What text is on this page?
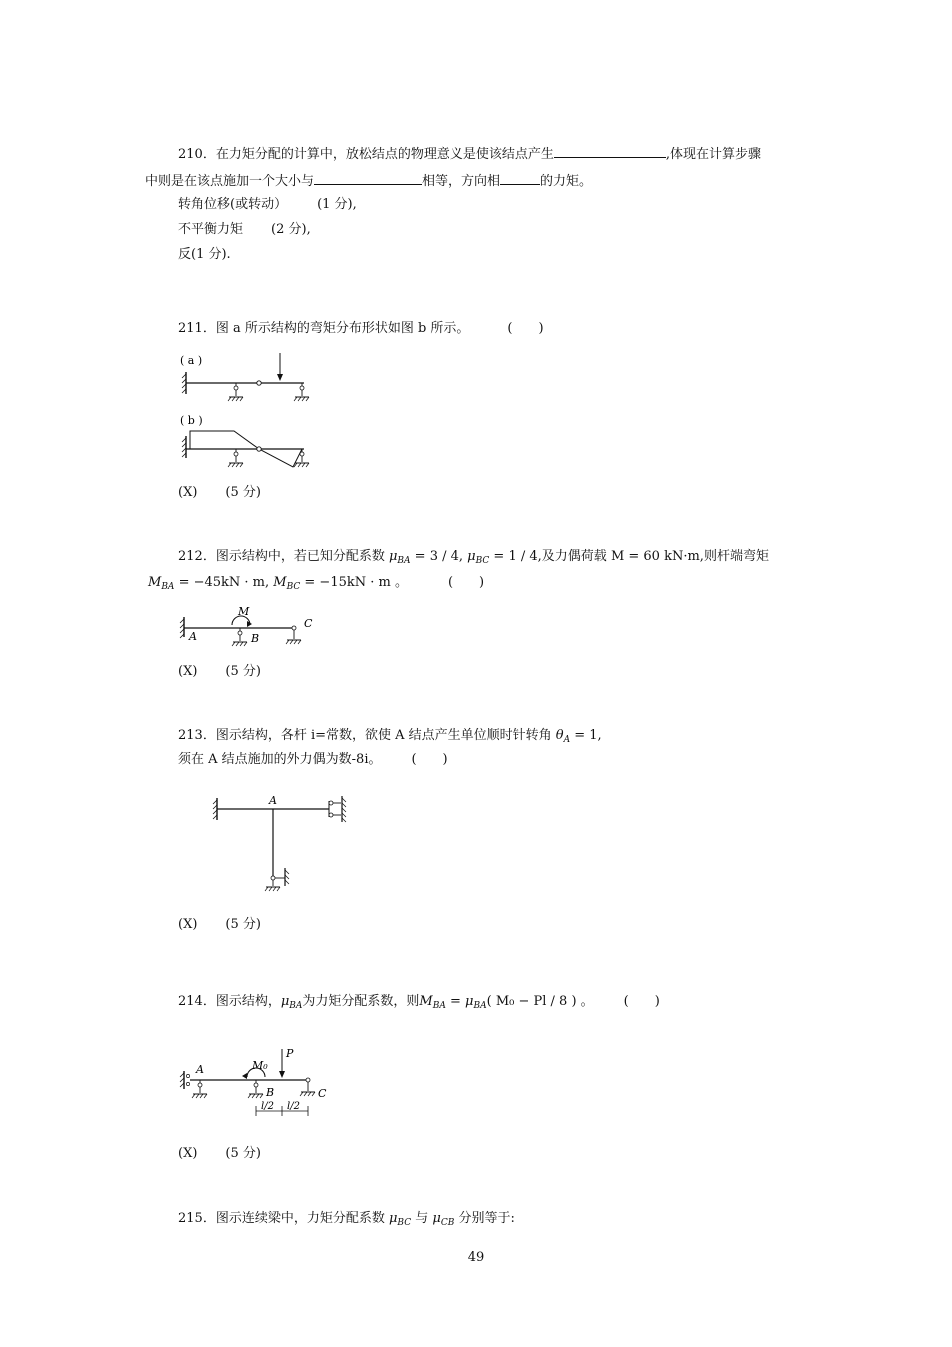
210．在力矩分配的计算中，放松结点的物理意义是使该结点产生	,体现在计算步骤
中则是在该点施加一个大小与	相等，方向相	的力矩。
转角位移(或转动） (1 分),
不平衡力矩 (2 分),
反(1 分).
211．图 a 所示结构的弯矩分布形状如图 b 所示。	(　　)
( a )
( b )
(X) (5 分)
212．图示结构中，若已知分配系数 $\mu_{BA} = 3 / 4$, $\mu_{BC} = 1 / 4$,及力偶荷载 M = 60 kN·m,则杆端弯矩
$M_{BA} = -45kN \cdot m$, $M_{BC} = -15kN \cdot m$ 。	(　　)
A	B
M
C
(X) (5 分)
213．图示结构，各杆 i=常数，欲使 A 结点产生单位顺时针转角 $\theta_A = 1$,
须在 A 结点施加的外力偶为数-8i。 (　　)
A
(X) (5 分)
214．图示结构，$\mu_{BA}$为力矩分配系数，则$M_{BA} = \mu_{BA}$( M₀ − Pl / 8 ) 。 (　　)
A
B
M₀
P
C
l/2 l/2
(X) (5 分)
215．图示连续梁中，力矩分配系数 $\mu_{BC}$ 与 $\mu_{CB}$ 分别等于:
49
